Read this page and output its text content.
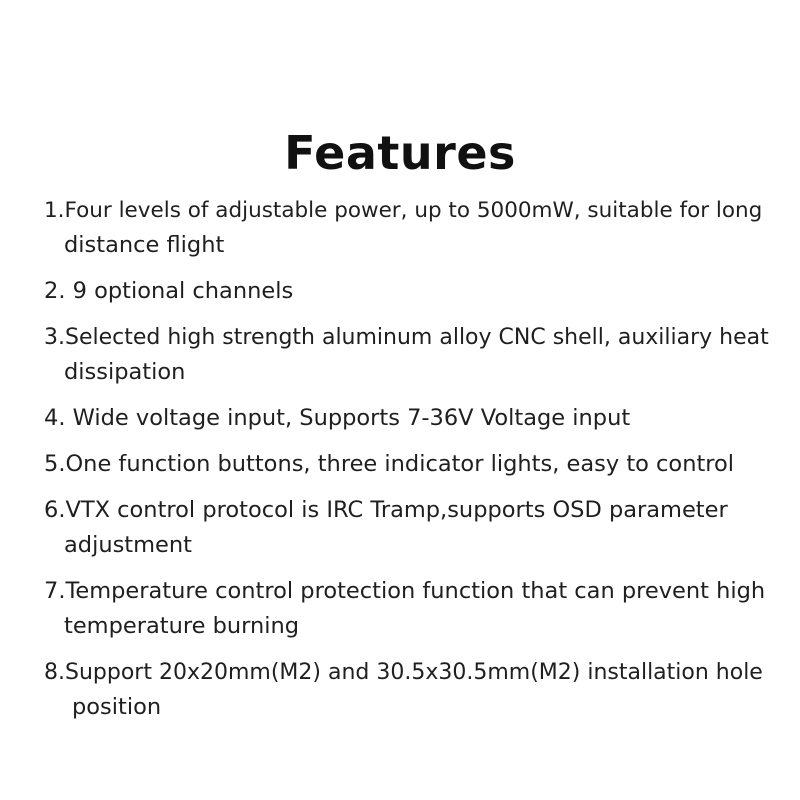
Features
1.Four levels of adjustable power, up to 5000mW, suitable for long
distance flight
2. 9 optional channels
3.Selected high strength aluminum alloy CNC shell, auxiliary heat
dissipation
4. Wide voltage input, Supports 7-36V Voltage input
5.One function buttons, three indicator lights, easy to control
6.VTX control protocol is IRC Tramp,supports OSD parameter
adjustment
7.Temperature control protection function that can prevent high
temperature burning
8.Support 20x20mm(M2) and 30.5x30.5mm(M2) installation hole
position
